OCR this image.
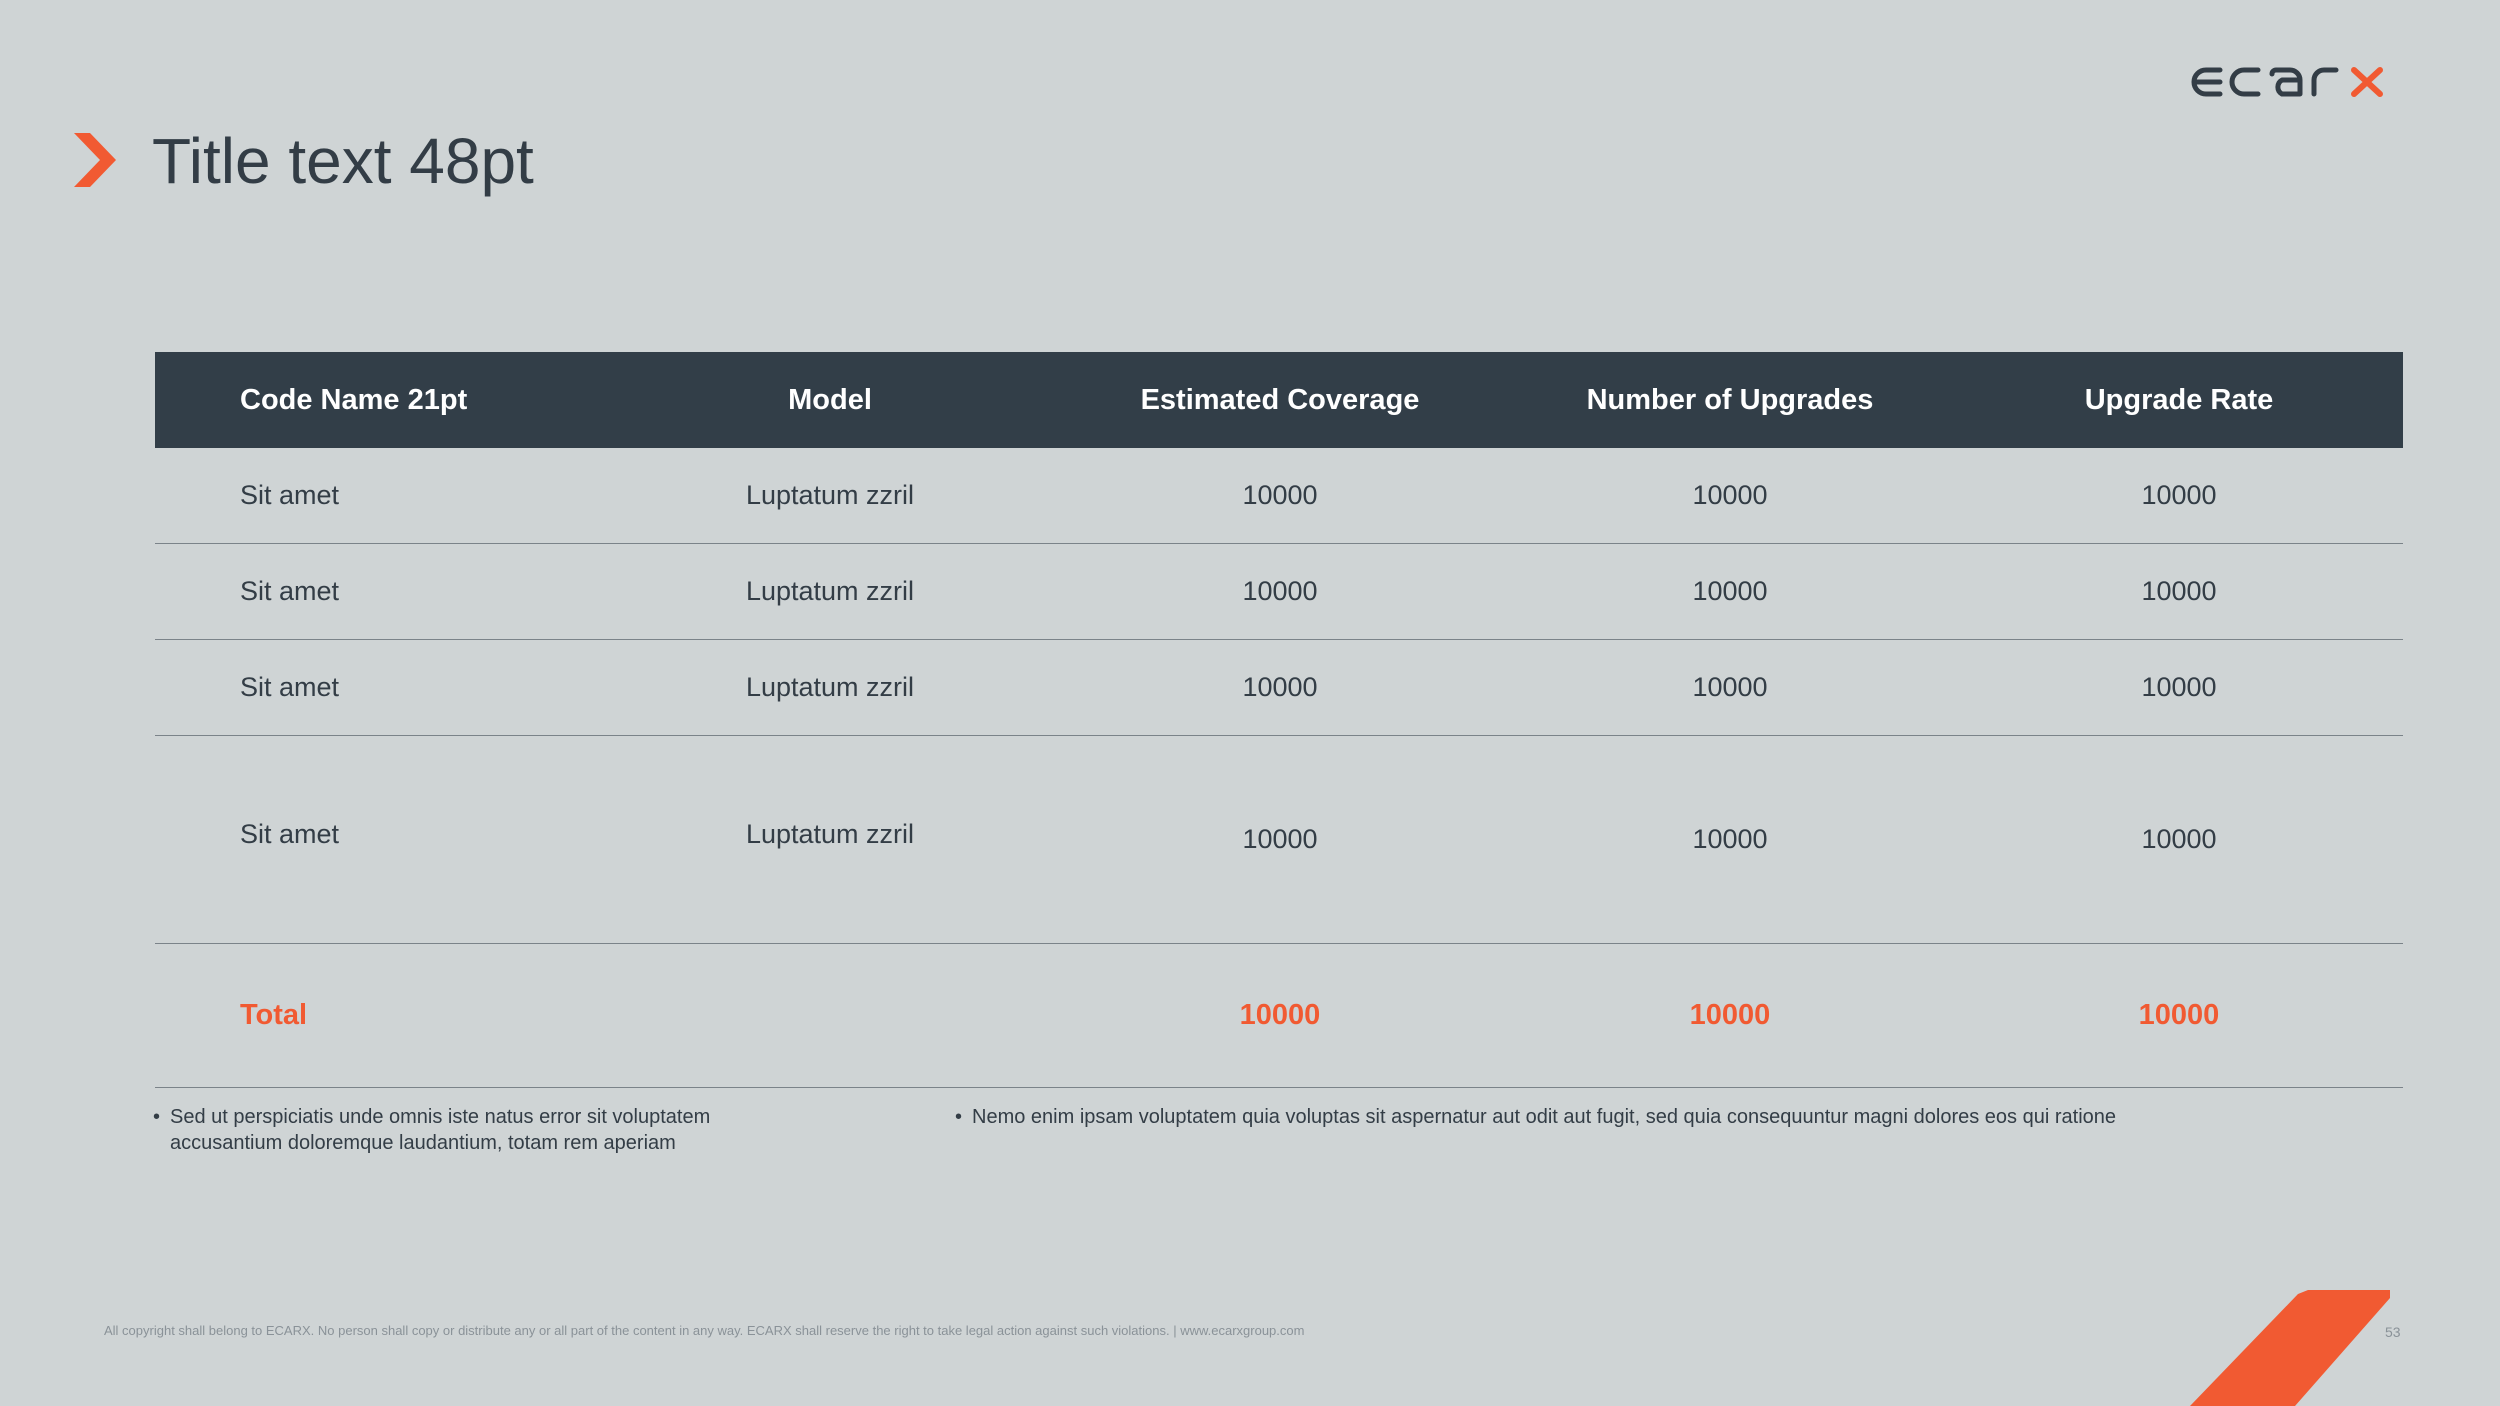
Title text 48pt
Code Name 21pt	Model	Estimated Coverage	Number of Upgrades	Upgrade Rate
Sit amet	Luptatum zzril	10000	10000	10000
Sit amet	Luptatum zzril	10000	10000	10000
Sit amet	Luptatum zzril	10000	10000	10000
Sit amet	Luptatum zzril	10000	10000	10000
Total		10000	10000	10000
• Sed ut perspiciatis unde omnis iste natus error sit voluptatem accusantium doloremque laudantium, totam rem aperiam
• Nemo enim ipsam voluptatem quia voluptas sit aspernatur aut odit aut fugit, sed quia consequuntur magni dolores eos qui ratione
All copyright shall belong to ECARX. No person shall copy or distribute any or all part of the content in any way. ECARX shall reserve the right to take legal action against such violations. | www.ecarxgroup.com	53
